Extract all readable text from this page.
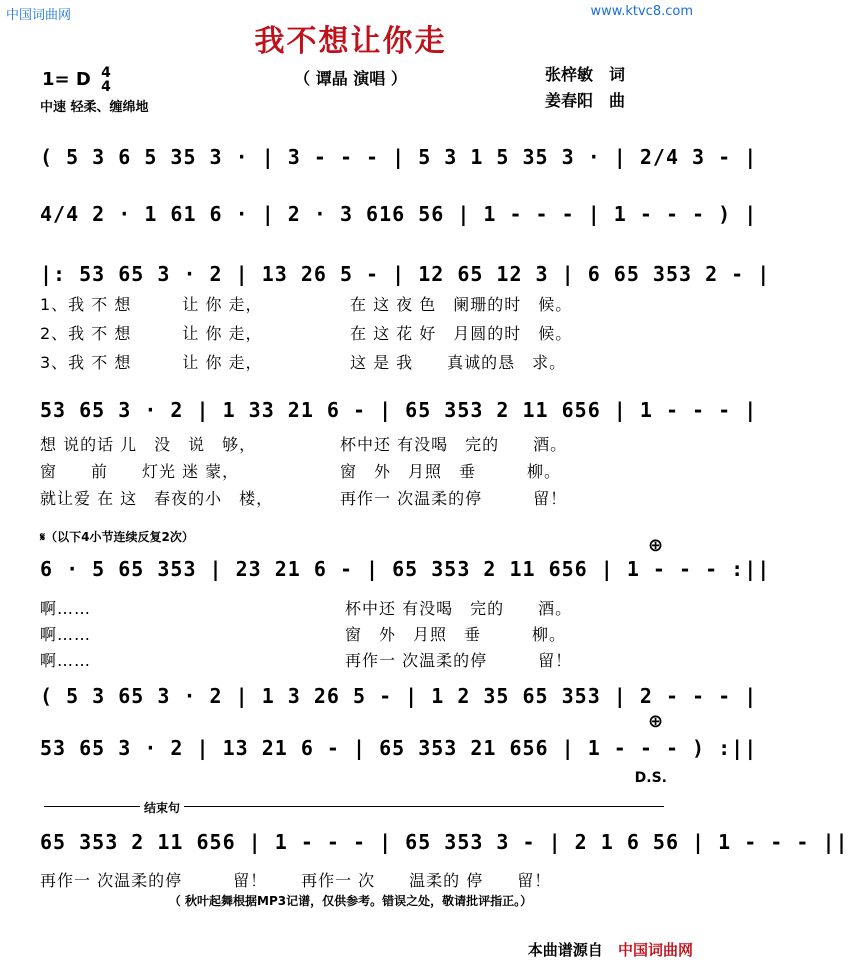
中国词曲网	www.ktvc8.com
我不想让你走
（ 谭晶 演唱 ）	张梓敏　词
姜春阳　曲
1= D 4
4
中速 轻柔、缠绵地
( 5 3 6 5 35 3 · | 3 - - - | 5 3 1 5 35 3 · | 2/4 3 - |
4/4 2 · 1 61 6 · | 2 · 3 616 56 | 1 - - - | 1 - - - ) |
|: 53 65 3 · 2 | 13 26 5 - | 12 65 12 3 | 6 65 353 2 - |
1、我 不 想　　　让 你 走，	在 这 夜 色　阑珊的时　候。
2、我 不 想　　　让 你 走，	在 这 花 好　月圆的时　候。
3、我 不 想　　　让 你 走，	这 是 我　　真诚的恳　求。
53 65 3 · 2 | 1 33 21 6 - | 65 353 2 11 656 | 1 - - - |
想 说的话 儿　没　说　够，	杯中还 有没喝　完的　　酒。
窗　　前　　灯光 迷 蒙，	窗　外　月照　垂　　　柳。
就让爱 在 这　春夜的小　楼，	再作一 次温柔的停　　　留！
𝄋（以下4小节连续反复2次）	⊕
6 · 5 65 353 | 23 21 6 - | 65 353 2 11 656 | 1 - - - :||
啊……	杯中还 有没喝　完的　　酒。
啊……	窗　外　月照　垂　　　柳。
啊……	再作一 次温柔的停　　　留！
( 5 3 65 3 · 2 | 1 3 26 5 - | 1 2 35 65 353 | 2 - - - |
⊕
53 65 3 · 2 | 13 21 6 - | 65 353 21 656 | 1 - - - ) :||
D.S.
结束句
65 353 2 11 656 | 1 - - - | 65 353 3 - | 2 1 6 56 | 1 - - - ||
再作一 次温柔的停　　　留！　　再作一 次　　温柔的 停　　留！
（ 秋叶起舞根据MP3记谱，仅供参考。错误之处，敬请批评指正。）
本曲谱源自 中国词曲网
